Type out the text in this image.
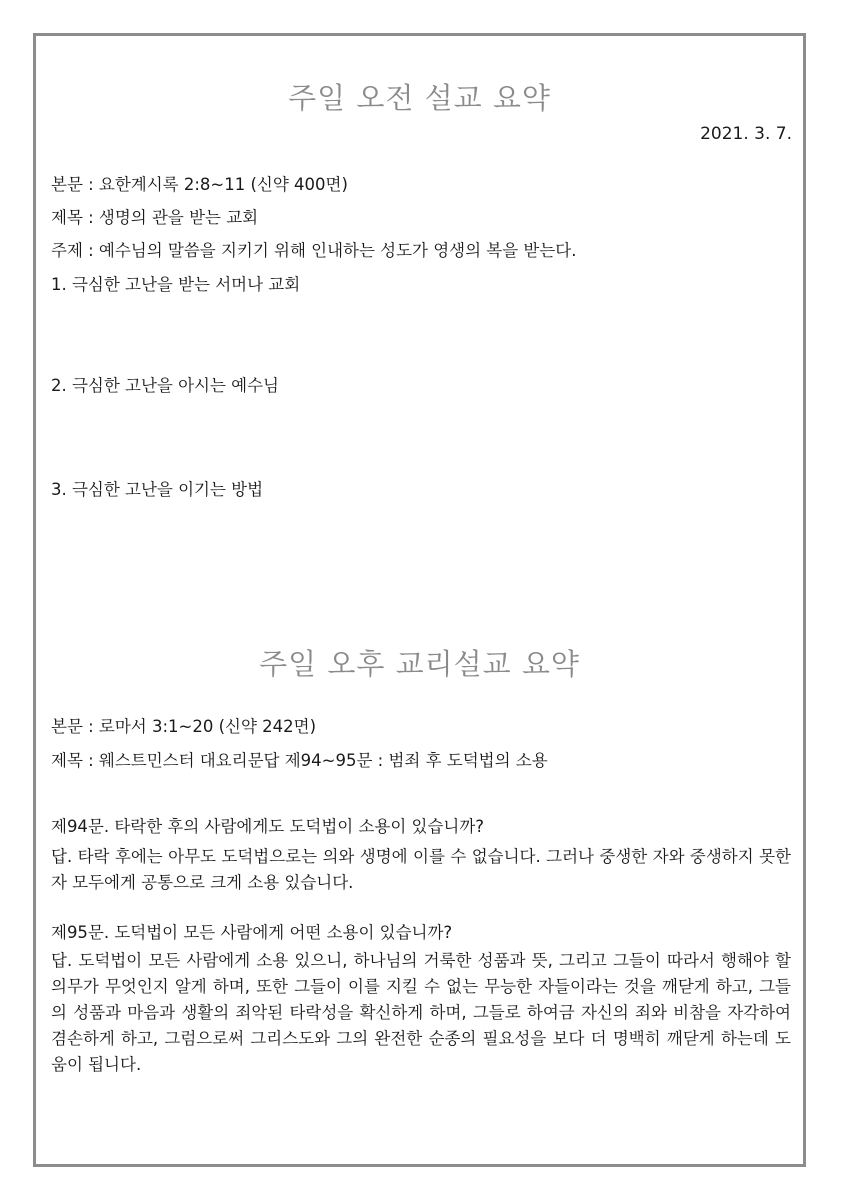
주일 오전 설교 요약
2021. 3. 7.
본문 : 요한계시록 2:8~11 (신약 400면)
제목 : 생명의 관을 받는 교회
주제 : 예수님의 말씀을 지키기 위해 인내하는 성도가 영생의 복을 받는다.
1. 극심한 고난을 받는 서머나 교회
2. 극심한 고난을 아시는 예수님
3. 극심한 고난을 이기는 방법
주일 오후 교리설교 요약
본문 : 로마서 3:1~20 (신약 242면)
제목 : 웨스트민스터 대요리문답 제94~95문 : 범죄 후 도덕법의 소용
제94문. 타락한 후의 사람에게도 도덕법이 소용이 있습니까?

답. 타락 후에는 아무도 도덕법으로는 의와 생명에 이를 수 없습니다. 그러나 중생한 자와 중생하지 못한 자 모두에게 공통으로 크게 소용 있습니다.

제95문. 도덕법이 모든 사람에게 어떤 소용이 있습니까?

답. 도덕법이 모든 사람에게 소용 있으니, 하나님의 거룩한 성품과 뜻, 그리고 그들이 따라서 행해야 할 의무가 무엇인지 알게 하며, 또한 그들이 이를 지킬 수 없는 무능한 자들이라는 것을 깨닫게 하고, 그들의 성품과 마음과 생활의 죄악된 타락성을 확신하게 하며, 그들로 하여금 자신의 죄와 비참을 자각하여 겸손하게 하고, 그럼으로써 그리스도와 그의 완전한 순종의 필요성을 보다 더 명백히 깨닫게 하는데 도움이 됩니다.
